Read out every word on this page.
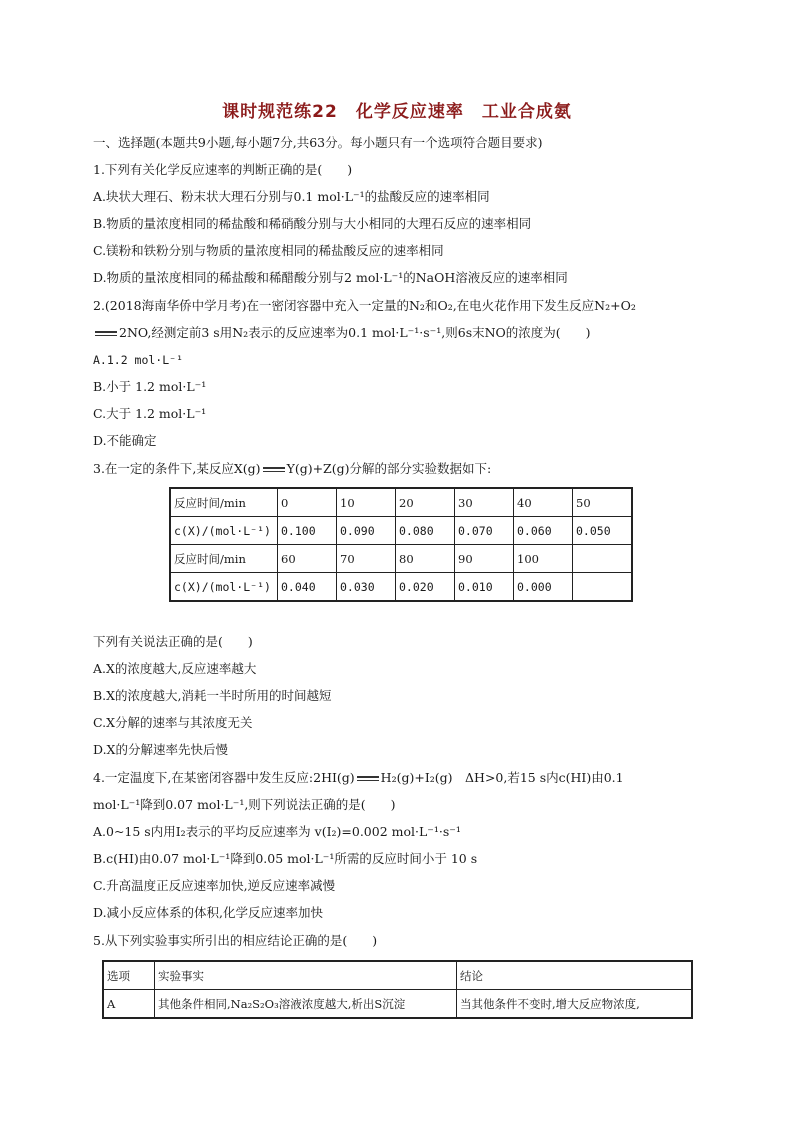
课时规范练22　化学反应速率　工业合成氨
一、选择题(本题共9小题,每小题7分,共63分。每小题只有一个选项符合题目要求)
1.下列有关化学反应速率的判断正确的是(　　)
A.块状大理石、粉末状大理石分别与0.1 mol·L⁻¹的盐酸反应的速率相同
B.物质的量浓度相同的稀盐酸和稀硝酸分别与大小相同的大理石反应的速率相同
C.镁粉和铁粉分别与物质的量浓度相同的稀盐酸反应的速率相同
D.物质的量浓度相同的稀盐酸和稀醋酸分别与2 mol·L⁻¹的NaOH溶液反应的速率相同
2.(2018海南华侨中学月考)在一密闭容器中充入一定量的N₂和O₂,在电火花作用下发生反应N₂+O₂
2NO,经测定前3 s用N₂表示的反应速率为0.1 mol·L⁻¹·s⁻¹,则6s末NO的浓度为(　　)
A.1.2 mol·L⁻¹
B.小于 1.2 mol·L⁻¹
C.大于 1.2 mol·L⁻¹
D.不能确定
3.在一定的条件下,某反应X(g) Y(g)+Z(g)分解的部分实验数据如下:
反应时间/min	0	10	20	30	40	50
c(X)/(mol·L⁻¹)	0.100	0.090	0.080	0.070	0.060	0.050
反应时间/min	60	70	80	90	100	
c(X)/(mol·L⁻¹)	0.040	0.030	0.020	0.010	0.000	
下列有关说法正确的是(　　)
A.X的浓度越大,反应速率越大
B.X的浓度越大,消耗一半时所用的时间越短
C.X分解的速率与其浓度无关
D.X的分解速率先快后慢
4.一定温度下,在某密闭容器中发生反应:2HI(g) H₂(g)+I₂(g)　ΔH>0,若15 s内c(HI)由0.1
mol·L⁻¹降到0.07 mol·L⁻¹,则下列说法正确的是(　　)
A.0~15 s内用I₂表示的平均反应速率为 v(I₂)=0.002 mol·L⁻¹·s⁻¹
B.c(HI)由0.07 mol·L⁻¹降到0.05 mol·L⁻¹所需的反应时间小于 10 s
C.升高温度正反应速率加快,逆反应速率减慢
D.减小反应体系的体积,化学反应速率加快
5.从下列实验事实所引出的相应结论正确的是(　　)
选项	实验事实	结论
A	其他条件相同,Na₂S₂O₃溶液浓度越大,析出S沉淀	当其他条件不变时,增大反应物浓度,
